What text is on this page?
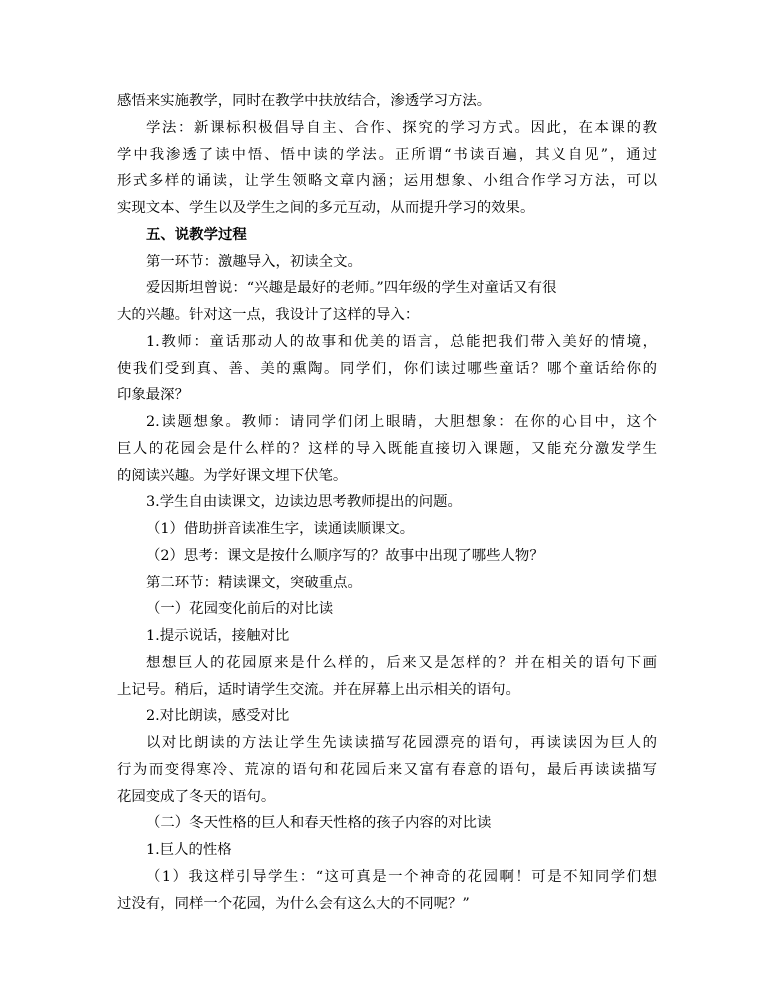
感悟来实施教学，同时在教学中扶放结合，渗透学习方法。
学法：新课标积极倡导自主、合作、探究的学习方式。因此，在本课的教
学中我渗透了读中悟、悟中读的学法。正所谓“书读百遍，其义自见”，通过
形式多样的诵读，让学生领略文章内涵；运用想象、小组合作学习方法，可以
实现文本、学生以及学生之间的多元互动，从而提升学习的效果。
五、说教学过程
第一环节：激趣导入，初读全文。
爱因斯坦曾说：“兴趣是最好的老师。”四年级的学生对童话又有很
大的兴趣。针对这一点，我设计了这样的导入：
1.教师：童话那动人的故事和优美的语言，总能把我们带入美好的情境，
使我们受到真、善、美的熏陶。同学们，你们读过哪些童话？哪个童话给你的
印象最深？
2.读题想象。教师：请同学们闭上眼睛，大胆想象：在你的心目中，这个
巨人的花园会是什么样的？这样的导入既能直接切入课题，又能充分激发学生
的阅读兴趣。为学好课文埋下伏笔。
3.学生自由读课文，边读边思考教师提出的问题。
（1）借助拼音读准生字，读通读顺课文。
（2）思考：课文是按什么顺序写的？故事中出现了哪些人物？
第二环节：精读课文，突破重点。
（一）花园变化前后的对比读
1.提示说话，接触对比
想想巨人的花园原来是什么样的，后来又是怎样的？并在相关的语句下画
上记号。稍后，适时请学生交流。并在屏幕上出示相关的语句。
2.对比朗读，感受对比
以对比朗读的方法让学生先读读描写花园漂亮的语句，再读读因为巨人的
行为而变得寒冷、荒凉的语句和花园后来又富有春意的语句，最后再读读描写
花园变成了冬天的语句。
（二）冬天性格的巨人和春天性格的孩子内容的对比读
1.巨人的性格
（1）我这样引导学生：“这可真是一个神奇的花园啊！可是不知同学们想
过没有，同样一个花园，为什么会有这么大的不同呢？”
